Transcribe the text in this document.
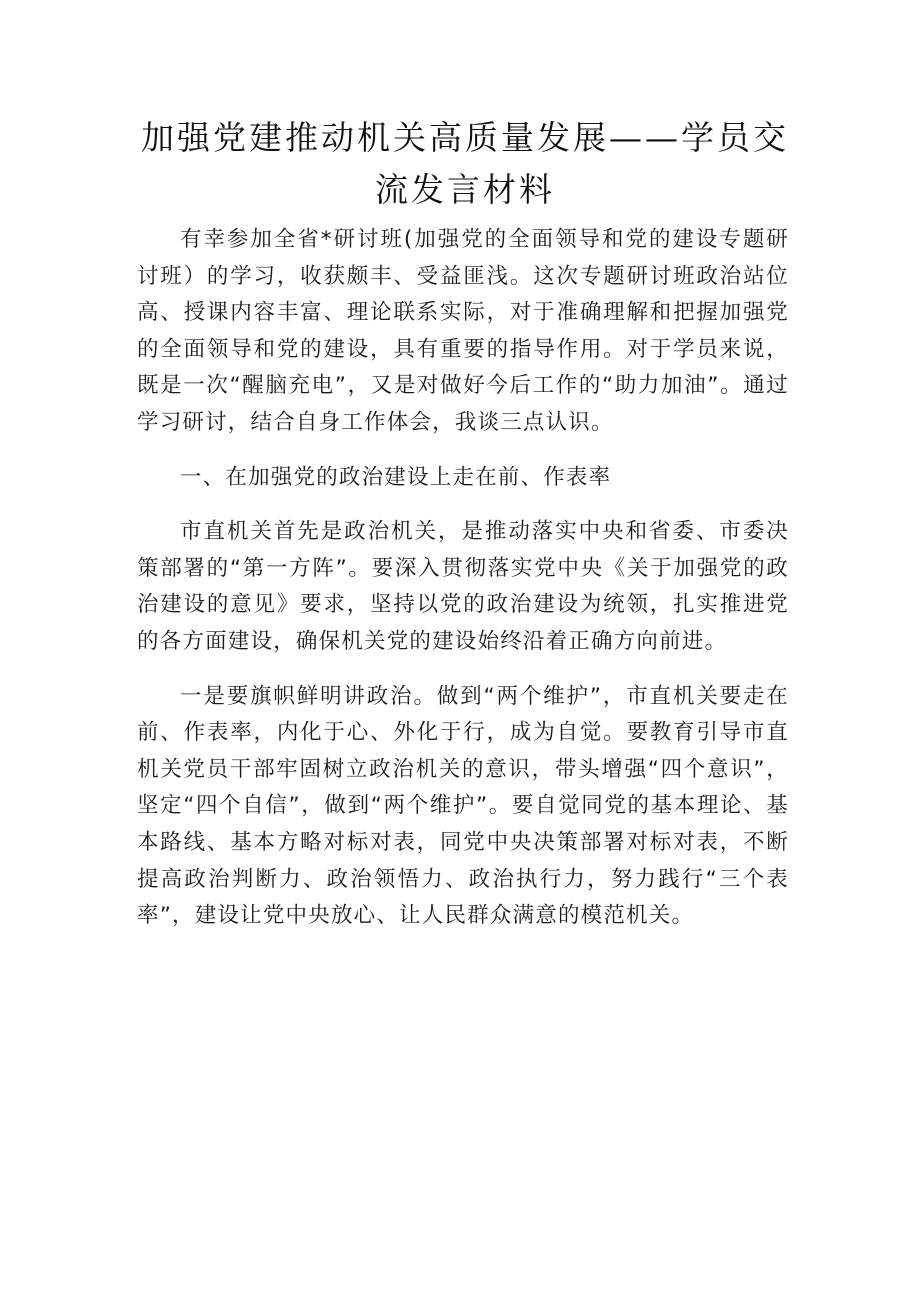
加强党建推动机关高质量发展——学员交流发言材料

有幸参加全省*研讨班(加强党的全面领导和党的建设专题研讨班）的学习，收获颇丰、受益匪浅。这次专题研讨班政治站位高、授课内容丰富、理论联系实际，对于准确理解和把握加强党的全面领导和党的建设，具有重要的指导作用。对于学员来说，既是一次“醒脑充电”，又是对做好今后工作的“助力加油”。通过学习研讨，结合自身工作体会，我谈三点认识。

一、在加强党的政治建设上走在前、作表率

市直机关首先是政治机关，是推动落实中央和省委、市委决策部署的“第一方阵”。要深入贯彻落实党中央《关于加强党的政治建设的意见》要求，坚持以党的政治建设为统领，扎实推进党的各方面建设，确保机关党的建设始终沿着正确方向前进。

一是要旗帜鲜明讲政治。做到“两个维护”，市直机关要走在前、作表率，内化于心、外化于行，成为自觉。要教育引导市直机关党员干部牢固树立政治机关的意识，带头增强“四个意识”，坚定“四个自信”，做到“两个维护”。要自觉同党的基本理论、基本路线、基本方略对标对表，同党中央决策部署对标对表，不断提高政治判断力、政治领悟力、政治执行力，努力践行“三个表率”，建设让党中央放心、让人民群众满意的模范机关。
